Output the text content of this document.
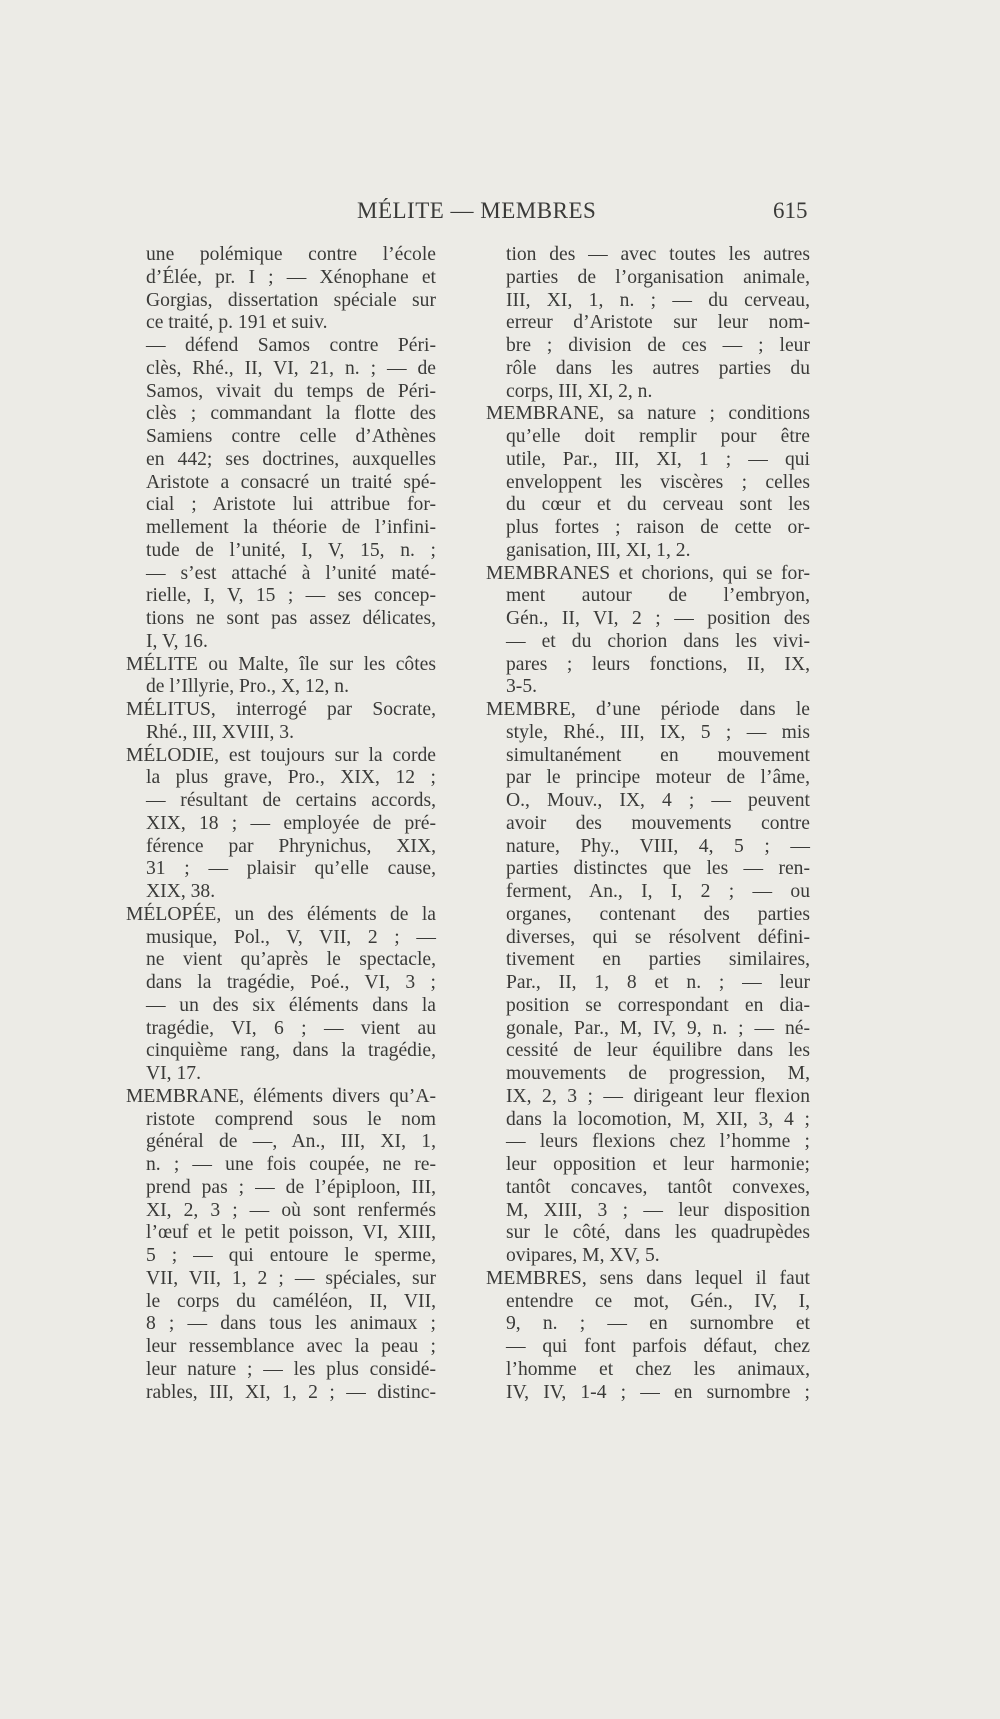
MÉLITE — MEMBRES	615
une polémique contre l’école
d’Élée, pr. I ; — Xénophane et
Gorgias, dissertation spéciale sur
ce traité, p. 191 et suiv.
— défend Samos contre Péri-
clès, Rhé., II, VI, 21, n. ; — de
Samos, vivait du temps de Péri-
clès ; commandant la flotte des
Samiens contre celle d’Athènes
en 442; ses doctrines, auxquelles
Aristote a consacré un traité spé-
cial ; Aristote lui attribue for-
mellement la théorie de l’infini-
tude de l’unité, I, V, 15, n. ;
— s’est attaché à l’unité maté-
rielle, I, V, 15 ; — ses concep-
tions ne sont pas assez délicates,
I, V, 16.
MÉLITE ou Malte, île sur les côtes
de l’Illyrie, Pro., X, 12, n.
MÉLITUS, interrogé par Socrate,
Rhé., III, XVIII, 3.
MÉLODIE, est toujours sur la corde
la plus grave, Pro., XIX, 12 ;
— résultant de certains accords,
XIX, 18 ; — employée de pré-
férence par Phrynichus, XIX,
31 ; — plaisir qu’elle cause,
XIX, 38.
MÉLOPÉE, un des éléments de la
musique, Pol., V, VII, 2 ; —
ne vient qu’après le spectacle,
dans la tragédie, Poé., VI, 3 ;
— un des six éléments dans la
tragédie, VI, 6 ; — vient au
cinquième rang, dans la tragédie,
VI, 17.
MEMBRANE, éléments divers qu’A-
ristote comprend sous le nom
général de —, An., III, XI, 1,
n. ; — une fois coupée, ne re-
prend pas ; — de l’épiploon, III,
XI, 2, 3 ; — où sont renfermés
l’œuf et le petit poisson, VI, XIII,
5 ; — qui entoure le sperme,
VII, VII, 1, 2 ; — spéciales, sur
le corps du caméléon, II, VII,
8 ; — dans tous les animaux ;
leur ressemblance avec la peau ;
leur nature ; — les plus considé-
rables, III, XI, 1, 2 ; — distinc-
tion des — avec toutes les autres
parties de l’organisation animale,
III, XI, 1, n. ; — du cerveau,
erreur d’Aristote sur leur nom-
bre ; division de ces — ; leur
rôle dans les autres parties du
corps, III, XI, 2, n.
MEMBRANE, sa nature ; conditions
qu’elle doit remplir pour être
utile, Par., III, XI, 1 ; — qui
enveloppent les viscères ; celles
du cœur et du cerveau sont les
plus fortes ; raison de cette or-
ganisation, III, XI, 1, 2.
MEMBRANES et chorions, qui se for-
ment autour de l’embryon,
Gén., II, VI, 2 ; — position des
— et du chorion dans les vivi-
pares ; leurs fonctions, II, IX,
3-5.
MEMBRE, d’une période dans le
style, Rhé., III, IX, 5 ; — mis
simultanément en mouvement
par le principe moteur de l’âme,
O., Mouv., IX, 4 ; — peuvent
avoir des mouvements contre
nature, Phy., VIII, 4, 5 ; —
parties distinctes que les — ren-
ferment, An., I, I, 2 ; — ou
organes, contenant des parties
diverses, qui se résolvent défini-
tivement en parties similaires,
Par., II, 1, 8 et n. ; — leur
position se correspondant en dia-
gonale, Par., M, IV, 9, n. ; — né-
cessité de leur équilibre dans les
mouvements de progression, M,
IX, 2, 3 ; — dirigeant leur flexion
dans la locomotion, M, XII, 3, 4 ;
— leurs flexions chez l’homme ;
leur opposition et leur harmonie;
tantôt concaves, tantôt convexes,
M, XIII, 3 ; — leur disposition
sur le côté, dans les quadrupèdes
ovipares, M, XV, 5.
MEMBRES, sens dans lequel il faut
entendre ce mot, Gén., IV, I,
9, n. ; — en surnombre et
— qui font parfois défaut, chez
l’homme et chez les animaux,
IV, IV, 1-4 ; — en surnombre ;
